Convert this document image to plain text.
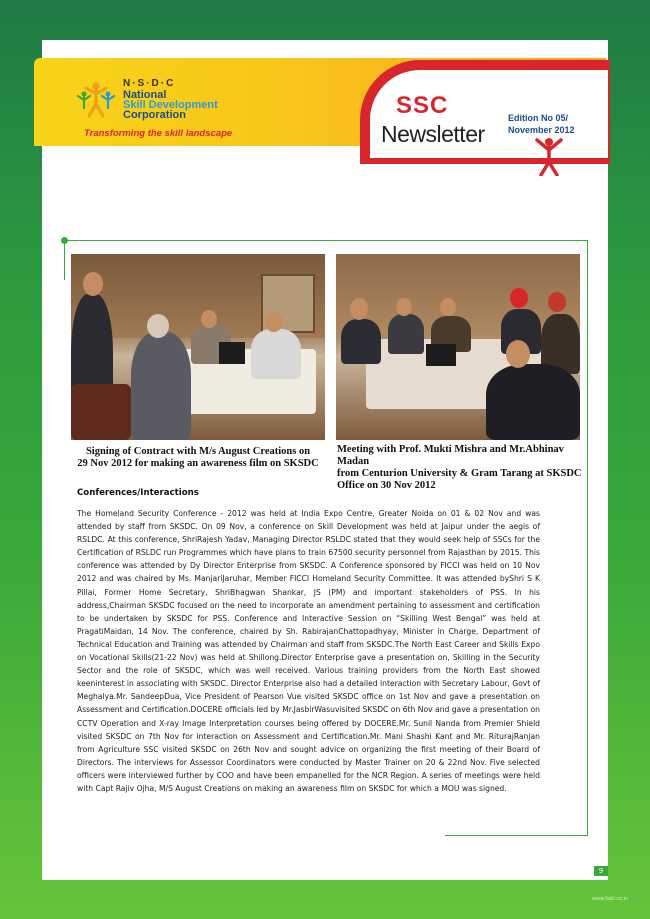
N·S·D·C
National
Skill Development
Corporation
Transforming the skill landscape
SSC
Newsletter
Edition No 05/
November 2012
Signing of Contract with M/s August Creations on
29 Nov 2012 for making an awareness film on SKSDC
Meeting with Prof. Mukti Mishra and Mr.Abhinav Madan
from Centurion University & Gram Tarang at SKSDC
Office on 30 Nov 2012
Conferences/Interactions

The Homeland Security Conference - 2012 was held at India Expo Centre, Greater Noida on 01 & 02 Nov and was attended by staff from SKSDC. On 09 Nov, a conference on Skill Development was held at Jaipur under the aegis of RSLDC. At this conference, ShriRajesh Yadav, Managing Director RSLDC stated that they would seek help of SSCs for the Certification of RSLDC run Programmes which have plans to train 67500 security personnel from Rajasthan by 2015. This conference was attended by Dy Director Enterprise from SKSDC. A Conference sponsored by FICCI was held on 10 Nov 2012 and was chaired by Ms. ManjariJaruhar, Member FICCI Homeland Security Committee. It was attended byShri S K Pillai, Former Home Secretary, ShriBhagwan Shankar, JS (PM) and important stakeholders of PSS. In his address,Chairman SKSDC focused on the need to incorporate an amendment pertaining to assessment and certification to be undertaken by SKSDC for PSS. Conference and Interactive Session on “Skilling West Bengal” was held at PragatiMaidan, 14 Nov. The conference, chaired by Sh. RabirajanChattopadhyay, Minister in Charge, Department of Technical Education and Training was attended by Chairman and staff from SKSDC.The North East Career and Skills Expo on Vocational Skills(21-22 Nov) was held at Shillong.Director Enterprise gave a presentation on, Skilling in the Security Sector and the role of SKSDC, which was well received. Various training providers from the North East showed keeninterest in associating with SKSDC. Director Enterprise also had a detailed interaction with Secretary Labour, Govt of Meghalya.Mr. SandeepDua, Vice President of Pearson Vue visited SKSDC office on 1st Nov and gave a presentation on Assessment and Certification.DOCERE officials led by Mr.JasbirWasuvisited SKSDC on 6th Nov and gave a presentation on CCTV Operation and X-ray Image Interpretation courses being offered by DOCERE.Mr. Sunil Nanda from Premier Shield visited SKSDC on 7th Nov for interaction on Assessment and Certification.Mr. Mani Shashi Kant and Mr. RiturajRanjan from Agriculture SSC visited SKSDC on 26th Nov and sought advice on organizing the first meeting of their Board of Directors. The interviews for Assessor Coordinators were conducted by Master Trainer on 20 & 22nd Nov. Five selected officers were interviewed further by COO and have been empanelled for the NCR Region. A series of meetings were held with Capt Rajiv Ojha, M/S August Creations on making an awareness film on SKSDC for which a MOU was signed.

9
www.fabi.co.in
